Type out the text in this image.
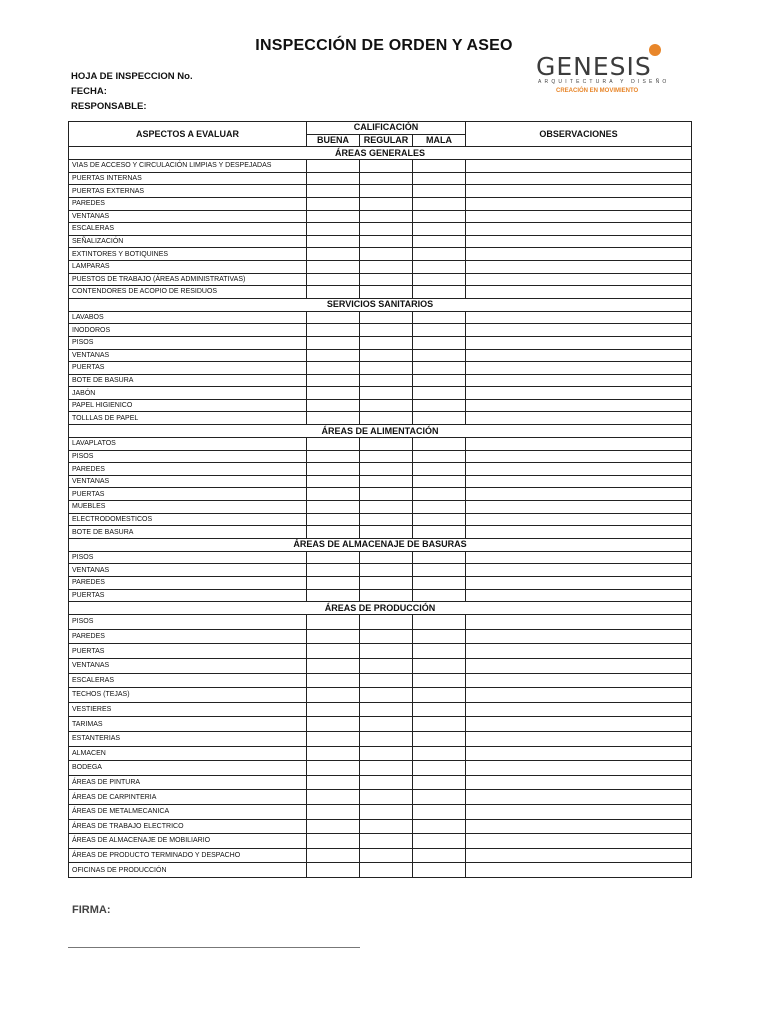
INSPECCIÓN DE ORDEN Y ASEO
HOJA DE INSPECCION No.
FECHA:
RESPONSABLE:
GENESIS
ARQUITECTURA Y DISEÑO
CREACIÓN EN MOVIMIENTO
ASPECTOS A EVALUAR	CALIFICACIÓN			OBSERVACIONES
	BUENA	REGULAR	MALA	
ÁREAS GENERALES				
VIAS DE ACCESO Y CIRCULACIÓN LIMPIAS Y DESPEJADAS				
PUERTAS INTERNAS				
PUERTAS EXTERNAS				
PAREDES				
VENTANAS				
ESCALERAS				
SEÑALIZACIÓN				
EXTINTORES Y BOTIQUINES				
LAMPARAS				
PUESTOS DE TRABAJO (ÁREAS ADMINISTRATIVAS)				
CONTENDORES DE ACOPIO DE RESIDUOS				
SERVICIOS SANITARIOS				
LAVABOS				
INODOROS				
PISOS				
VENTANAS				
PUERTAS				
BOTE DE BASURA				
JABÓN				
PAPEL HIGIENICO				
TOLLLAS DE PAPEL				
ÁREAS DE ALIMENTACIÓN				
LAVAPLATOS				
PISOS				
PAREDES				
VENTANAS				
PUERTAS				
MUEBLES				
ELECTRODOMESTICOS				
BOTE DE BASURA				
ÁREAS DE ALMACENAJE DE BASURAS				
PISOS				
VENTANAS				
PAREDES				
PUERTAS				
ÁREAS DE PRODUCCIÓN				
PISOS				
PAREDES				
PUERTAS				
VENTANAS				
ESCALERAS				
TECHOS (TEJAS)				
VESTIERES				
TARIMAS				
ESTANTERIAS				
ALMACEN				
BODEGA				
ÁREAS DE PINTURA				
ÁREAS DE CARPINTERIA				
ÁREAS DE METALMECANICA				
ÁREAS DE TRABAJO ELECTRICO				
ÁREAS DE ALMACENAJE DE MOBILIARIO				
ÁREAS DE PRODUCTO TERMINADO Y DESPACHO				
OFICINAS DE PRODUCCIÓN				
FIRMA:
